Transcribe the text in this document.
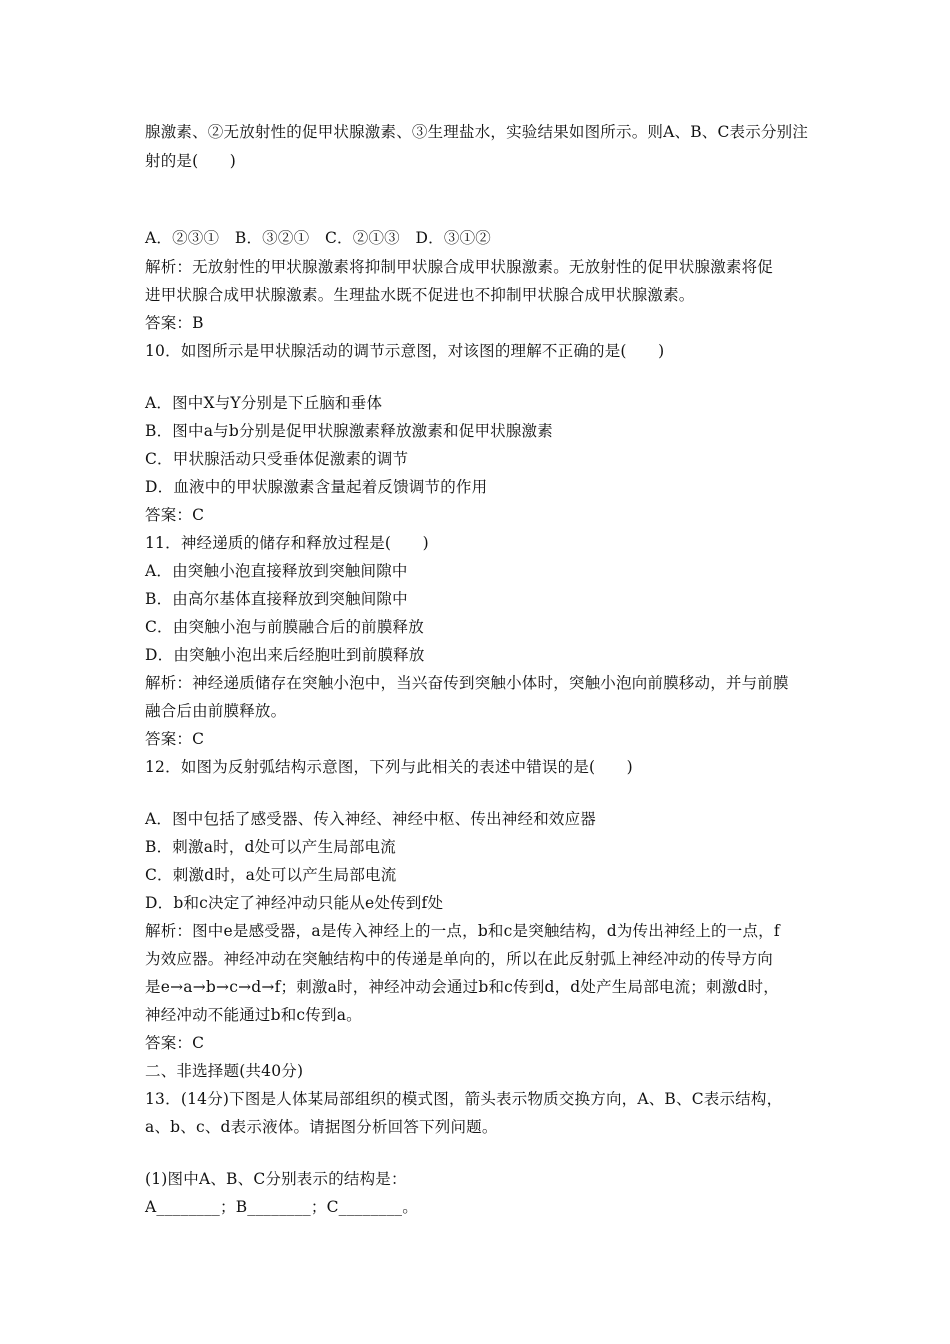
腺激素、②无放射性的促甲状腺激素、③生理盐水，实验结果如图所示。则A、B、C表示分别注
射的是(　　)
A．②③①　B．③②①　C．②①③　D．③①②
解析：无放射性的甲状腺激素将抑制甲状腺合成甲状腺激素。无放射性的促甲状腺激素将促
进甲状腺合成甲状腺激素。生理盐水既不促进也不抑制甲状腺合成甲状腺激素。
答案：B
10．如图所示是甲状腺活动的调节示意图，对该图的理解不正确的是(　　)
A．图中X与Y分别是下丘脑和垂体
B．图中a与b分别是促甲状腺激素释放激素和促甲状腺激素
C．甲状腺活动只受垂体促激素的调节
D．血液中的甲状腺激素含量起着反馈调节的作用
答案：C
11．神经递质的储存和释放过程是(　　)
A．由突触小泡直接释放到突触间隙中
B．由高尔基体直接释放到突触间隙中
C．由突触小泡与前膜融合后的前膜释放
D．由突触小泡出来后经胞吐到前膜释放
解析：神经递质储存在突触小泡中，当兴奋传到突触小体时，突触小泡向前膜移动，并与前膜
融合后由前膜释放。
答案：C
12．如图为反射弧结构示意图，下列与此相关的表述中错误的是(　　)
A．图中包括了感受器、传入神经、神经中枢、传出神经和效应器
B．刺激a时，d处可以产生局部电流
C．刺激d时，a处可以产生局部电流
D．b和c决定了神经冲动只能从e处传到f处
解析：图中e是感受器，a是传入神经上的一点，b和c是突触结构，d为传出神经上的一点，f
为效应器。神经冲动在突触结构中的传递是单向的，所以在此反射弧上神经冲动的传导方向
是e→a→b→c→d→f；刺激a时，神经冲动会通过b和c传到d，d处产生局部电流；刺激d时，
神经冲动不能通过b和c传到a。
答案：C
二、非选择题(共40分)
13．(14分)下图是人体某局部组织的模式图，箭头表示物质交换方向，A、B、C表示结构，
a、b、c、d表示液体。请据图分析回答下列问题。
(1)图中A、B、C分别表示的结构是：
A________；B________；C________。
